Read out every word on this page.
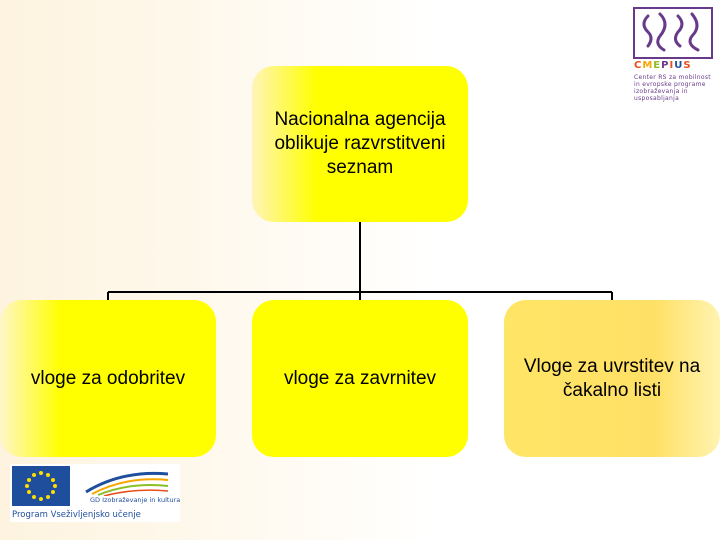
Nacionalna agencija oblikuje razvrstitveni seznam
vloge za odobritev	vloge za zavrnitev
Vloge za uvrstitev na čakalno listi
CMEPIUS
Center RS za mobilnost in evropske programe izobraževanja in usposabljanja
GD Izobraževanje in kultura
Program Vseživljenjsko učenje
